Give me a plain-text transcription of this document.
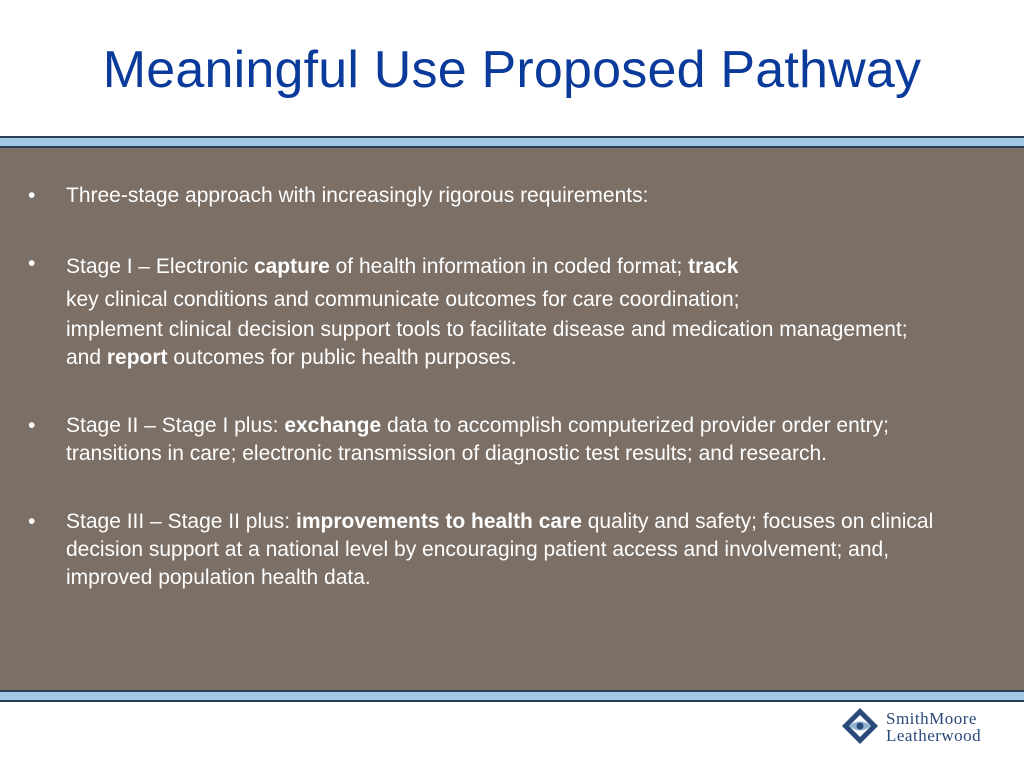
Meaningful Use Proposed Pathway
• Three-stage approach with increasingly rigorous requirements:

• Stage I – Electronic capture of health information in coded format; track

key clinical conditions and communicate outcomes for care coordination;

implement clinical decision support tools to facilitate disease and medication management; and report outcomes for public health purposes.

• Stage II – Stage I plus: exchange data to accomplish computerized provider order entry; transitions in care; electronic transmission of diagnostic test results; and research.

• Stage III – Stage II plus: improvements to health care quality and safety; focuses on clinical decision support at a national level by encouraging patient access and involvement; and, improved population health data.

SmithMoore
Leatherwood
